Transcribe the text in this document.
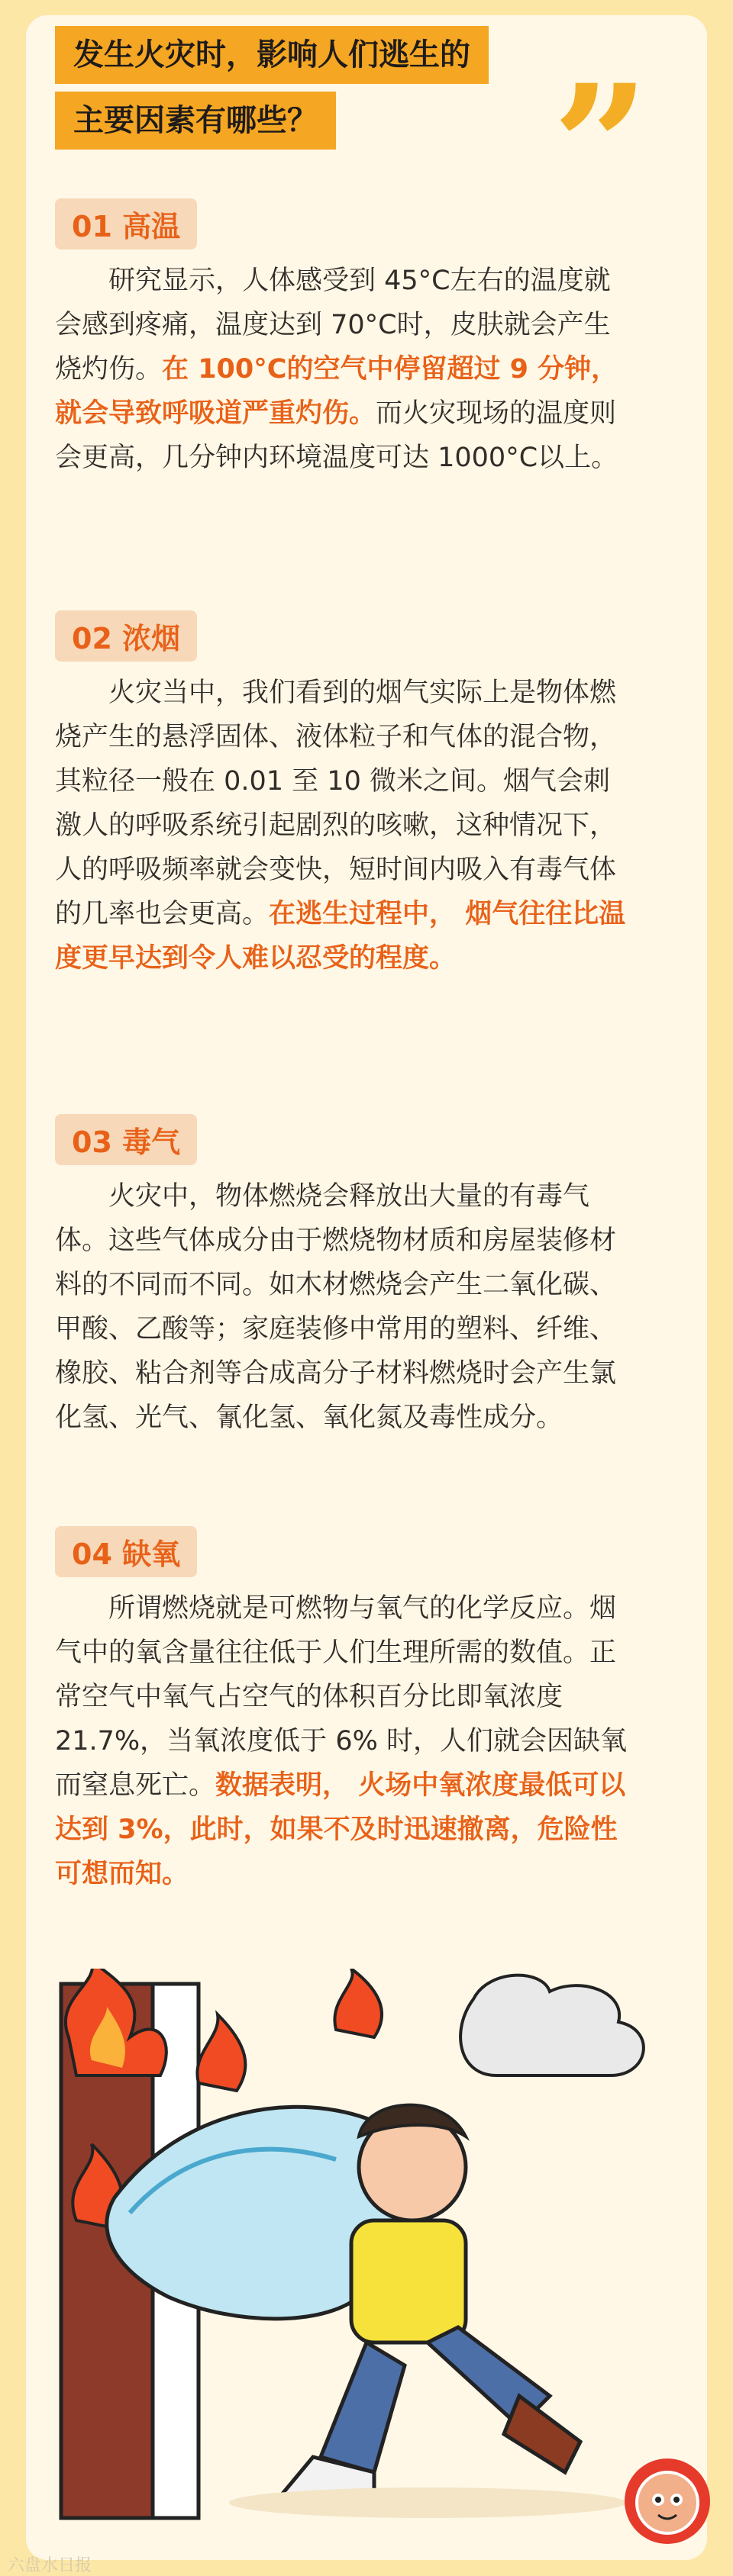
发生火灾时，影响人们逃生的
主要因素有哪些？	”
01 高温
研究显示，人体感受到 45°C左右的温度就会感到疼痛，温度达到 70°C时，皮肤就会产生烧灼伤。在 100°C的空气中停留超过 9 分钟， 就会导致呼吸道严重灼伤。而火灾现场的温度则会更高，几分钟内环境温度可达 1000°C以上。
02 浓烟
火灾当中，我们看到的烟气实际上是物体燃烧产生的悬浮固体、液体粒子和气体的混合物，其粒径一般在 0.01 至 10 微米之间。烟气会刺激人的呼吸系统引起剧烈的咳嗽，这种情况下，人的呼吸频率就会变快，短时间内吸入有毒气体的几率也会更高。在逃生过程中， 烟气往往比温度更早达到令人难以忍受的程度。
03 毒气
火灾中，物体燃烧会释放出大量的有毒气体。这些气体成分由于燃烧物材质和房屋装修材料的不同而不同。如木材燃烧会产生二氧化碳、甲酸、乙酸等；家庭装修中常用的塑料、纤维、橡胶、粘合剂等合成高分子材料燃烧时会产生氯化氢、光气、氰化氢、氧化氮及毒性成分。
04 缺氧
所谓燃烧就是可燃物与氧气的化学反应。烟气中的氧含量往往低于人们生理所需的数值。正常空气中氧气占空气的体积百分比即氧浓度 21.7%，当氧浓度低于 6% 时，人们就会因缺氧而窒息死亡。数据表明， 火场中氧浓度最低可以达到 3%，此时，如果不及时迅速撤离，危险性可想而知。
六盘水日报
